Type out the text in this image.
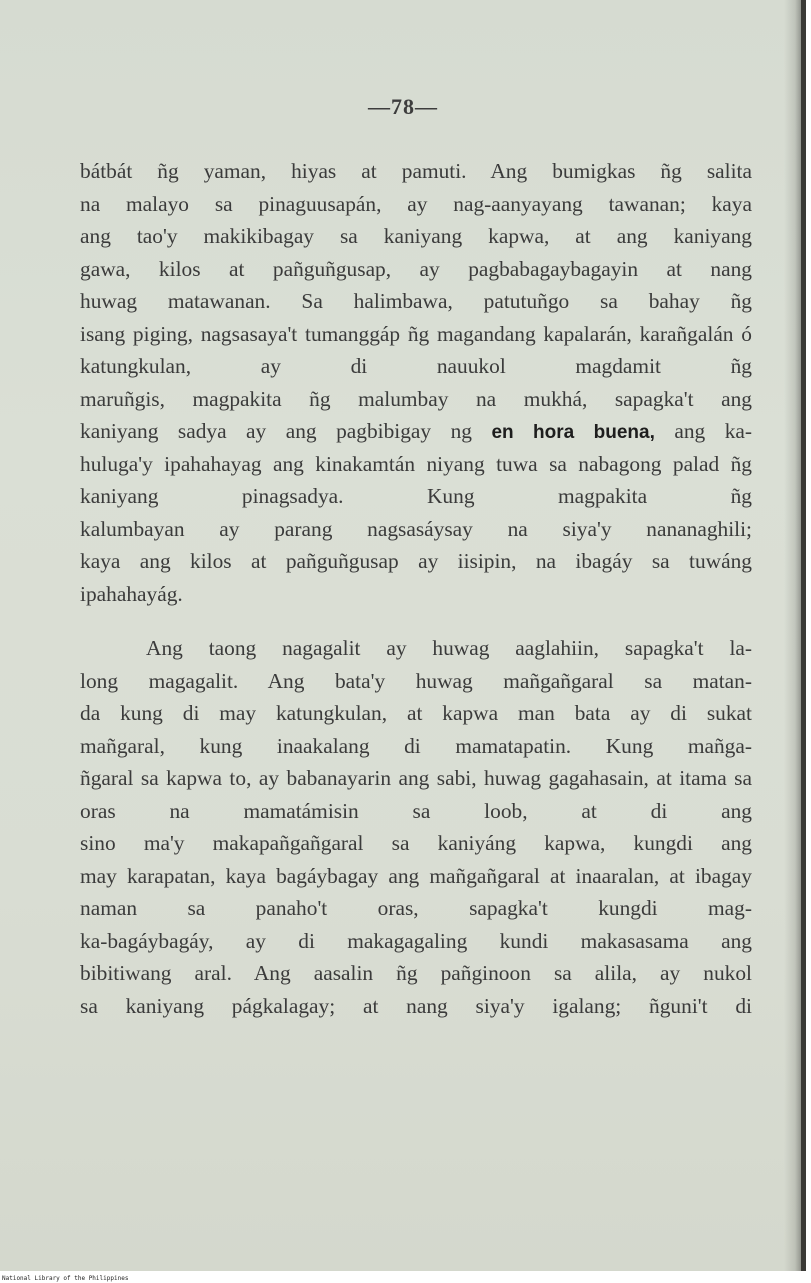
—78—
bátbát ñg yaman, hiyas at pamuti. Ang bumigkas ñg salita
na malayo sa pinaguusapán, ay nag-aanyayang tawanan; kaya
ang tao'y makikibagay sa kaniyang kapwa, at ang kaniyang
gawa, kilos at pañguñgusap, ay pagbabagaybagayin at nang
huwag matawanan. Sa halimbawa, patutuñgo sa bahay ñg
isang piging, nagsasaya't tumanggáp ñg magandang kapalarán, karañgalán ó katungkulan, ay di nauukol magdamit ñg
maruñgis, magpakita ñg malumbay na mukhá, sapagka't ang
kaniyang sadya ay ang pagbibigay ng en hora buena, ang ka-
huluga'y ipahahayag ang kinakamtán niyang tuwa sa nabagong palad ñg kaniyang pinagsadya. Kung magpakita ñg
kalumbayan ay parang nagsasáysay na siya'y nananaghili;
kaya ang kilos at pañguñgusap ay iisipin, na ibagáy sa tuwáng
ipahahayág.
Ang taong nagagalit ay huwag aaglahiin, sapagka't la-
long magagalit. Ang bata'y huwag mañgañgaral sa matan-
da kung di may katungkulan, at kapwa man bata ay di sukat
mañgaral, kung inaakalang di mamatapatin. Kung mañga-
ñgaral sa kapwa to, ay babanayarin ang sabi, huwag gagahasain, at itama sa oras na mamatámisin sa loob, at di ang
sino ma'y makapañgañgaral sa kaniyáng kapwa, kungdi ang
may karapatan, kaya bagáybagay ang mañgañgaral at inaaralan, at ibagay naman sa panaho't oras, sapagka't kungdi mag-
ka-bagáybagáy, ay di makagagaling kundi makasasama ang
bibitiwang aral. Ang aasalin ñg pañginoon sa alila, ay nukol
sa kaniyang págkalagay; at nang siya'y igalang; ñguni't di
National Library of the Philippines
